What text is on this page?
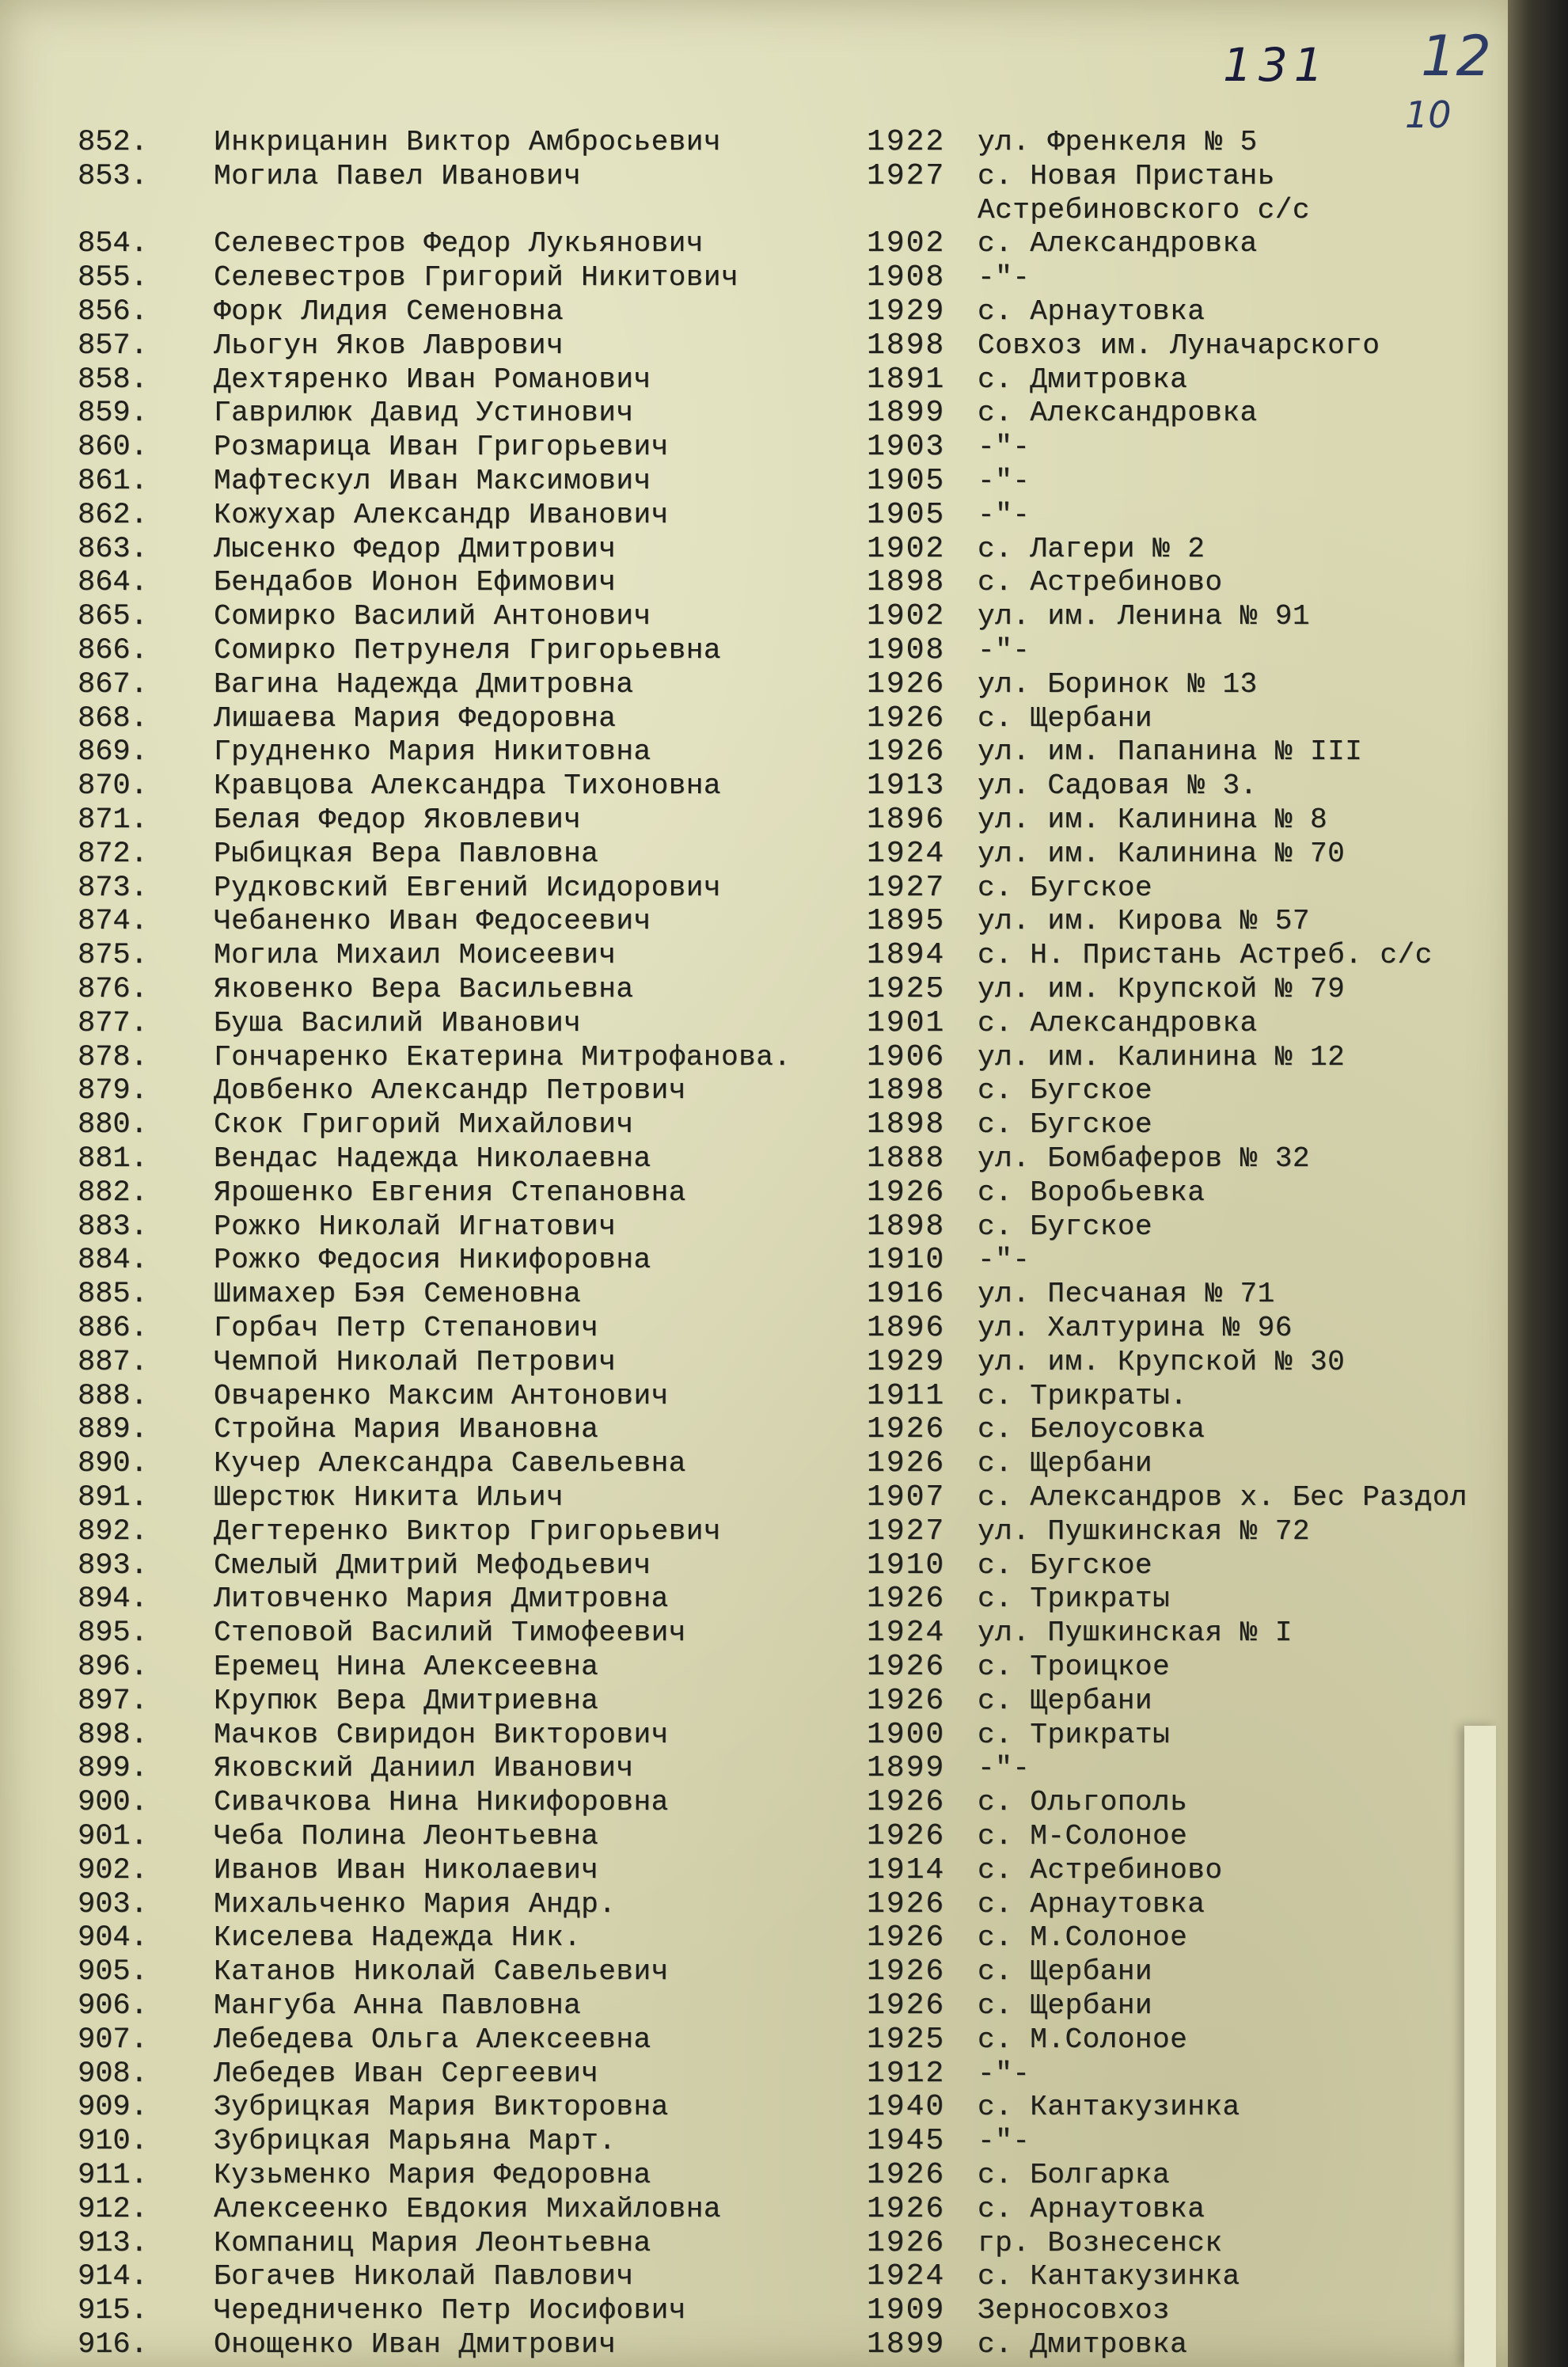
131 12
10
852.	Инкрицанин Виктор Амбросьевич	1922 ул. Френкеля № 5
853.	Могила Павел Иванович	1927 с. Новая Пристань
Астребиновского с/с
854.	Селевестров Федор Лукьянович	1902 с. Александровка
855.	Селевестров Григорий Никитович	1908 -"-
856.	Форк Лидия Семеновна	1929 с. Арнаутовка
857.	Льогун Яков Лаврович	1898 Совхоз им. Луначарского
858.	Дехтяренко Иван Романович	1891 с. Дмитровка
859.	Гаврилюк Давид Устинович	1899 с. Александровка
860.	Розмарица Иван Григорьевич	1903 -"-
861.	Мафтескул Иван Максимович	1905 -"-
862.	Кожухар Александр Иванович	1905 -"-
863.	Лысенко Федор Дмитрович	1902 с. Лагери № 2
864.	Бендабов Ионон Ефимович	1898 с. Астребиново
865.	Сомирко Василий Антонович	1902 ул. им. Ленина № 91
866.	Сомирко Петрунеля Григорьевна	1908 -"-
867.	Вагина Надежда Дмитровна	1926 ул. Боринок № 13
868.	Лишаева Мария Федоровна	1926 с. Щербани
869.	Грудненко Мария Никитовна	1926 ул. им. Папанина № III
870.	Кравцова Александра Тихоновна	1913 ул. Садовая № 3.
871.	Белая Федор Яковлевич	1896 ул. им. Калинина № 8
872.	Рыбицкая Вера Павловна	1924 ул. им. Калинина № 70
873.	Рудковский Евгений Исидорович	1927 с. Бугское
874.	Чебаненко Иван Федосеевич	1895 ул. им. Кирова № 57
875.	Могила Михаил Моисеевич	1894 с. Н. Пристань Астреб. с/с
876.	Яковенко Вера Васильевна	1925 ул. им. Крупской № 79
877.	Буша Василий Иванович	1901 с. Александровка
878.	Гончаренко Екатерина Митрофанова.	1906 ул. им. Калинина № 12
879.	Довбенко Александр Петрович	1898 с. Бугское
880.	Скок Григорий Михайлович	1898 с. Бугское
881.	Вендас Надежда Николаевна	1888 ул. Бомбаферов № 32
882.	Ярошенко Евгения Степановна	1926 с. Воробьевка
883.	Рожко Николай Игнатович	1898 с. Бугское
884.	Рожко Федосия Никифоровна	1910 -"-
885.	Шимахер Бэя Семеновна	1916 ул. Песчаная № 71
886.	Горбач Петр Степанович	1896 ул. Халтурина № 96
887.	Чемпой Николай Петрович	1929 ул. им. Крупской № 30
888.	Овчаренко Максим Антонович	1911 с. Трикраты.
889.	Стройна Мария Ивановна	1926 с. Белоусовка
890.	Кучер Александра Савельевна	1926 с. Щербани
891.	Шерстюк Никита Ильич	1907 с. Александров х. Бес Раздол
892.	Дегтеренко Виктор Григорьевич	1927 ул. Пушкинская № 72
893.	Смелый Дмитрий Мефодьевич	1910 с. Бугское
894.	Литовченко Мария Дмитровна	1926 с. Трикраты
895.	Степовой Василий Тимофеевич	1924 ул. Пушкинская № I
896.	Еремец Нина Алексеевна	1926 с. Троицкое
897.	Крупюк Вера Дмитриевна	1926 с. Щербани
898.	Мачков Свиридон Викторович	1900 с. Трикраты
899.	Яковский Даниил Иванович	1899 -"-
900.	Сивачкова Нина Никифоровна	1926 с. Ольгополь
901.	Чеба Полина Леонтьевна	1926 с. М-Солоное
902.	Иванов Иван Николаевич	1914 с. Астребиново
903.	Михальченко Мария Андр.	1926 с. Арнаутовка
904.	Киселева Надежда Ник.	1926 с. М.Солоное
905.	Катанов Николай Савельевич	1926 с. Щербани
906.	Мангуба Анна Павловна	1926 с. Щербани
907.	Лебедева Ольга Алексеевна	1925 с. М.Солоное
908.	Лебедев Иван Сергеевич	1912 -"-
909.	Зубрицкая Мария Викторовна	1940 с. Кантакузинка
910.	Зубрицкая Марьяна Март.	1945 -"-
911.	Кузьменко Мария Федоровна	1926 с. Болгарка
912.	Алексеенко Евдокия Михайловна	1926 с. Арнаутовка
913.	Компаниц Мария Леонтьевна	1926 гр. Вознесенск
914.	Богачев Николай Павлович	1924 с. Кантакузинка
915.	Чередниченко Петр Иосифович	1909 Зерносовхоз
916.	Онощенко Иван Дмитрович	1899 с. Дмитровка
